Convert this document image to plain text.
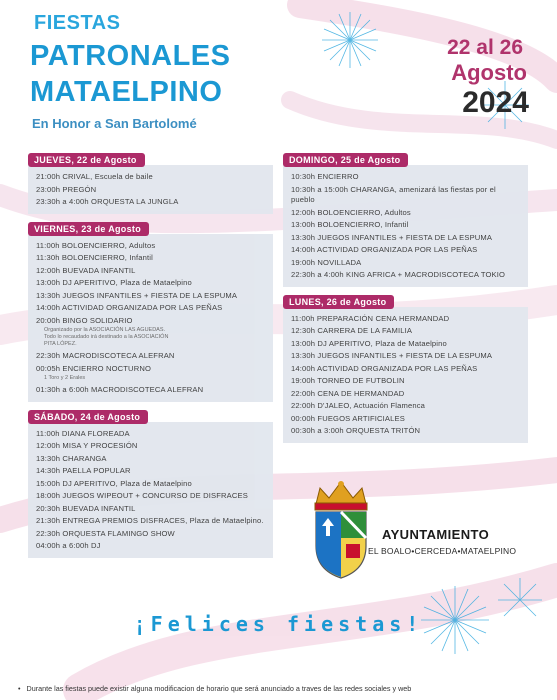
FIESTAS
PATRONALES
MATAELPINO
En Honor a San Bartolomé
22 al 26
Agosto
2024
JUEVES, 22 de Agosto
21:00h CRIVAL, Escuela de baile
23:00h PREGÓN
23:30h a 4:00h ORQUESTA LA JUNGLA
VIERNES, 23 de Agosto
11:00h BOLOENCIERRO, Adultos
11:30h BOLOENCIERRO, Infantil
12:00h BUEVADA INFANTIL
13:00h DJ APERITIVO, Plaza de Mataelpino
13:30h JUEGOS INFANTILES + FIESTA DE LA ESPUMA
14:00h ACTIVIDAD ORGANIZADA POR LAS PEÑAS
20:00h BINGO SOLIDARIO
Organizado por la ASOCIACIÓN LAS AGUEDAS.
Todo lo recaudado irá destinado a la ASOCIACIÓN
PITA LÓPEZ.
22:30h MACRODISCOTECA ALEFRAN
00:05h ENCIERRO NOCTURNO
1 Toro y 2 Erales
01:30h a 6:00h MACRODISCOTECA ALEFRAN
SÁBADO, 24 de Agosto
11:00h DIANA FLOREADA
12:00h MISA Y PROCESIÓN
13:30h CHARANGA
14:30h PAELLA POPULAR
15:00h DJ APERITIVO, Plaza de Mataelpino
18:00h JUEGOS WIPEOUT + CONCURSO DE DISFRACES
20:30h BUEVADA INFANTIL
21:30h ENTREGA PREMIOS DISFRACES, Plaza de Mataelpino.
22:30h ORQUESTA FLAMINGO SHOW
04:00h a 6:00h DJ
DOMINGO, 25 de Agosto
10:30h ENCIERRO
10:30h a 15:00h CHARANGA, amenizará las fiestas por el pueblo
12:00h BOLOENCIERRO, Adultos
13:00h BOLOENCIERRO, Infantil
13:30h JUEGOS INFANTILES + FIESTA DE LA ESPUMA
14:00h ACTIVIDAD ORGANIZADA POR LAS PEÑAS
19:00h NOVILLADA
22:30h a 4:00h KING AFRICA + MACRODISCOTECA TOKIO
LUNES, 26 de Agosto
11:00h PREPARACIÓN CENA HERMANDAD
12:30h CARRERA DE LA FAMILIA
13:00h DJ APERITIVO, Plaza de Mataelpino
13:30h JUEGOS INFANTILES + FIESTA DE LA ESPUMA
14:00h ACTIVIDAD ORGANIZADA POR LAS PEÑAS
19:00h TORNEO DE FUTBOLIN
22:00h CENA DE HERMANDAD
22:00h D'JALEO, Actuación Flamenca
00:00h FUEGOS ARTIFICIALES
00:30h a 3:00h ORQUESTA TRITÓN
AYUNTAMIENTO
EL BOALO•CERCEDA•MATAELPINO
¡Felices fiestas!
• Durante las fiestas puede existir alguna modificacion de horario que será anunciado a traves de las redes sociales y web
